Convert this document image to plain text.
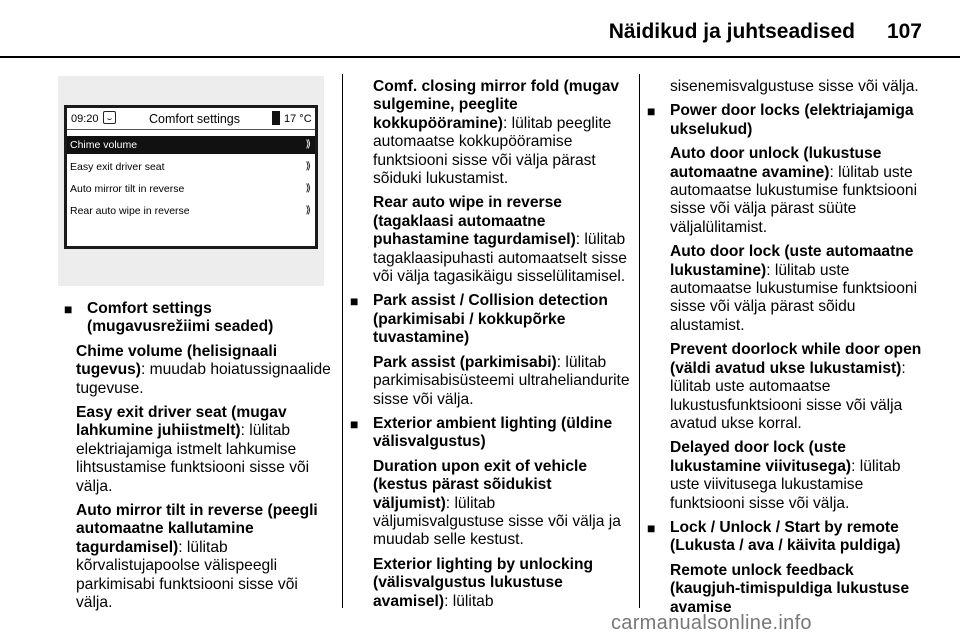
Näidikud ja juhtseadised 107
09:20	Comfort settings	17 °C
Chime volume	⟫
Easy exit driver seat	⟫
Auto mirror tilt in reverse	⟫
Rear auto wipe in reverse	⟫
■ Comfort settings (mugavusrežiimi seaded)

Chime volume (helisignaali tugevus): muudab hoiatussignaalide tugevuse.

Easy exit driver seat (mugav lahkumine juhiistmelt): lülitab elektriajamiga istmelt lahkumise lihtsustamise funktsiooni sisse või välja.

Auto mirror tilt in reverse (peegli automaatne kallutamine tagurdamisel): lülitab kõrvalistujapoolse välispeegli parkimisabi funktsiooni sisse või välja.

Comf. closing mirror fold (mugav sulgemine, peeglite kokkupööramine): lülitab peeglite automaatse kokkupööramise funktsiooni sisse või välja pärast sõiduki lukustamist.

Rear auto wipe in reverse (tagaklaasi automaatne puhastamine tagurdamisel): lülitab tagaklaasipuhasti automaatselt sisse või välja tagasikäigu sisselülitamisel.

■ Park assist / Collision detection (parkimisabi / kokkupõrke tuvastamine)

Park assist (parkimisabi): lülitab parkimisabisüsteemi ultraheliandurite sisse või välja.

■ Exterior ambient lighting (üldine välisvalgustus)

Duration upon exit of vehicle (kestus pärast sõidukist väljumist): lülitab väljumisvalgustuse sisse või välja ja muudab selle kestust.

Exterior lighting by unlocking (välisvalgustus lukustuse avamisel): lülitab

sisenemisvalgustuse sisse või välja.

■ Power door locks (elektriajamiga ukselukud)

Auto door unlock (lukustuse automaatne avamine): lülitab uste automaatse lukustumise funktsiooni sisse või välja pärast süüte väljalülitamist.

Auto door lock (uste automaatne lukustamine): lülitab uste automaatse lukustumise funktsiooni sisse või välja pärast sõidu alustamist.

Prevent doorlock while door open (väldi avatud ukse lukustamist): lülitab uste automaatse lukustusfunktsiooni sisse või välja avatud ukse korral.

Delayed door lock (uste lukustamine viivitusega): lülitab uste viivitusega lukustamise funktsiooni sisse või välja.

■ Lock / Unlock / Start by remote (Lukusta / ava / käivita puldiga)

Remote unlock feedback (kaugjuh-timispuldiga lukustuse avamise

carmanualsonline.info
